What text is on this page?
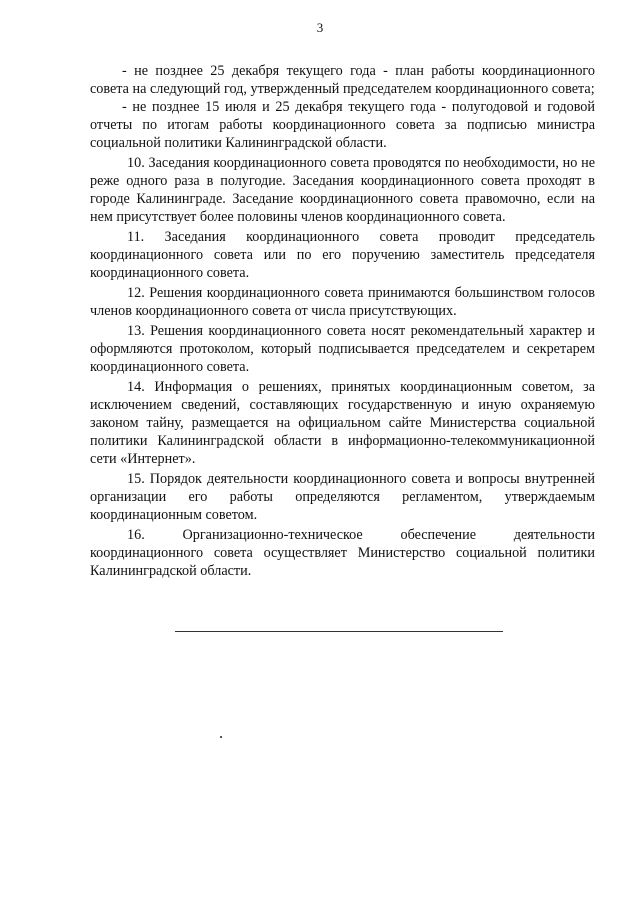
3

- не позднее 25 декабря текущего года - план работы координационного совета на следующий год, утвержденный председателем координационного совета;

- не позднее 15 июля и 25 декабря текущего года - полугодовой и годовой отчеты по итогам работы координационного совета за подписью министра социальной политики Калининградской области.

10. Заседания координационного совета проводятся по необходимости, но не реже одного раза в полугодие. Заседания координационного совета проходят в городе Калининграде. Заседание координационного совета правомочно, если на нем присутствует более половины членов координационного совета.

11. Заседания координационного совета проводит председатель координационного совета или по его поручению заместитель председателя координационного совета.

12. Решения координационного совета принимаются большинством голосов членов координационного совета от числа присутствующих.

13. Решения координационного совета носят рекомендательный характер и оформляются протоколом, который подписывается председателем и секретарем координационного совета.

14. Информация о решениях, принятых координационным советом, за исключением сведений, составляющих государственную и иную охраняемую законом тайну, размещается на официальном сайте Министерства социальной политики Калининградской области в информационно-телекоммуникационной сети «Интернет».

15. Порядок деятельности координационного совета и вопросы внутренней организации его работы определяются регламентом, утверждаемым координационным советом.

16. Организационно-техническое обеспечение деятельности координационного совета осуществляет Министерство социальной политики Калининградской области.
